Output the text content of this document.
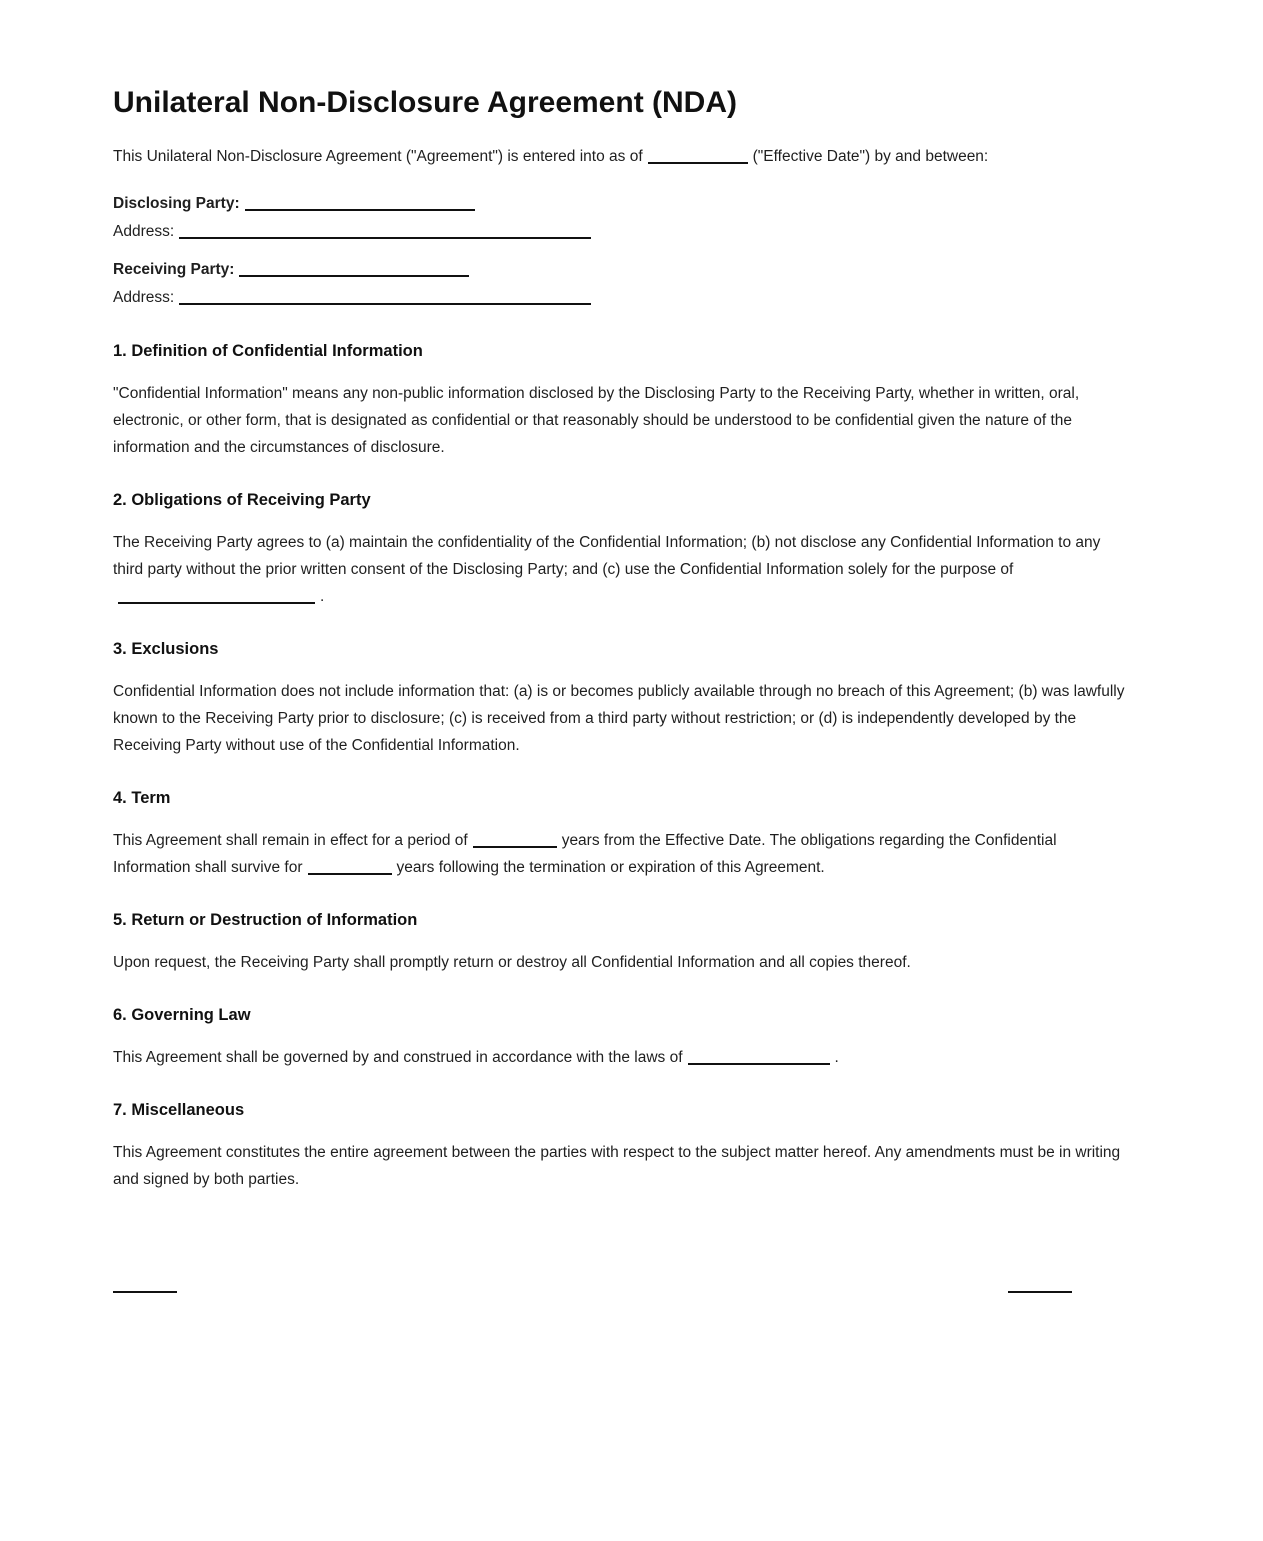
Unilateral Non-Disclosure Agreement (NDA)

This Unilateral Non-Disclosure Agreement ("Agreement") is entered into as of	("Effective Date") by and between:

Disclosing Party:

Address:

Receiving Party:

Address:

1. Definition of Confidential Information

"Confidential Information" means any non-public information disclosed by the Disclosing Party to the Receiving Party, whether in written, oral, electronic, or other form, that is designated as confidential or that reasonably should be understood to be confidential given the nature of the information and the circumstances of disclosure.

2. Obligations of Receiving Party

The Receiving Party agrees to (a) maintain the confidentiality of the Confidential Information; (b) not disclose any Confidential Information to any third party without the prior written consent of the Disclosing Party; and (c) use the Confidential Information solely for the purpose of.

3. Exclusions

Confidential Information does not include information that: (a) is or becomes publicly available through no breach of this Agreement; (b) was lawfully known to the Receiving Party prior to disclosure; (c) is received from a third party without restriction; or (d) is independently developed by the Receiving Party without use of the Confidential Information.

4. Term

This Agreement shall remain in effect for a period of	years from the Effective Date. The obligations regarding the Confidential Information shall survive for	years following the termination or expiration of this Agreement.

5. Return or Destruction of Information

Upon request, the Receiving Party shall promptly return or destroy all Confidential Information and all copies thereof.

6. Governing Law

This Agreement shall be governed by and construed in accordance with the laws of	.

7. Miscellaneous

This Agreement constitutes the entire agreement between the parties with respect to the subject matter hereof. Any amendments must be in writing and signed by both parties.
